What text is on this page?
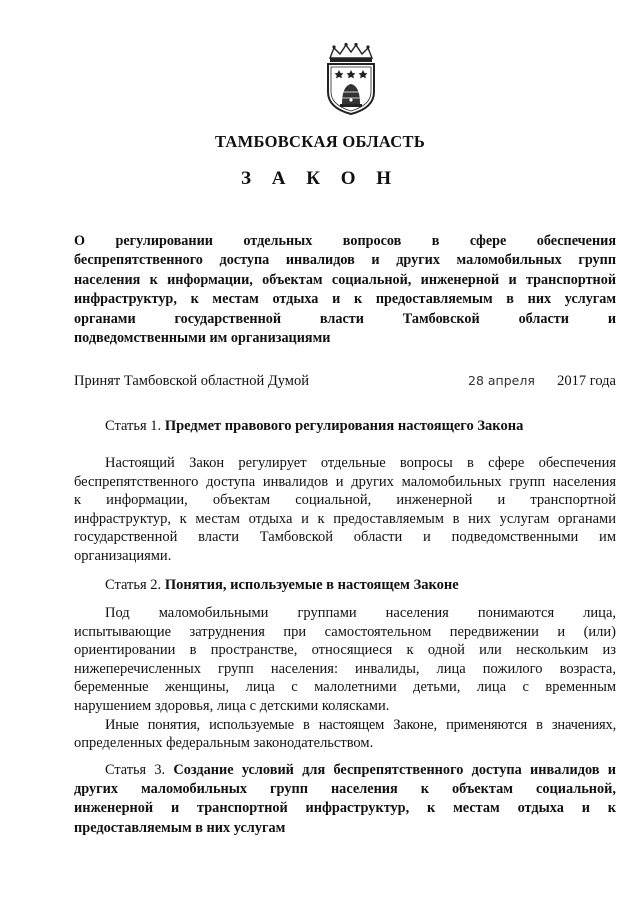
ТАМБОВСКАЯ ОБЛАСТЬ
З А К О Н
О регулировании отдельных вопросов в сфере обеспечения
беспрепятственного доступа инвалидов и других маломобильных групп
населения к информации, объектам социальной, инженерной и транспортной
инфраструктур, к местам отдыха и к предоставляемым в них услугам
органами государственной власти Тамбовской области и
подведомственными им организациями
Принят Тамбовской областной Думой	28 апреля 2017 года
Статья 1. Предмет правового регулирования настоящего Закона
Настоящий Закон регулирует отдельные вопросы в сфере обеспечения
беспрепятственного доступа инвалидов и других маломобильных групп населения
к информации, объектам социальной, инженерной и транспортной
инфраструктур, к местам отдыха и к предоставляемым в них услугам органами
государственной власти Тамбовской области и подведомственными им
организациями.
Статья 2. Понятия, используемые в настоящем Законе
Под маломобильными группами населения понимаются лица,
испытывающие затруднения при самостоятельном передвижении и (или)
ориентировании в пространстве, относящиеся к одной или нескольким из
нижеперечисленных групп населения: инвалиды, лица пожилого возраста,
беременные женщины, лица с малолетними детьми, лица с временным
нарушением здоровья, лица с детскими колясками.
Иные понятия, используемые в настоящем Законе, применяются в значениях,
определенных федеральным законодательством.
Статья 3. Создание условий для беспрепятственного доступа инвалидов и
других маломобильных групп населения к объектам социальной,
инженерной и транспортной инфраструктур, к местам отдыха и к
предоставляемым в них услугам
